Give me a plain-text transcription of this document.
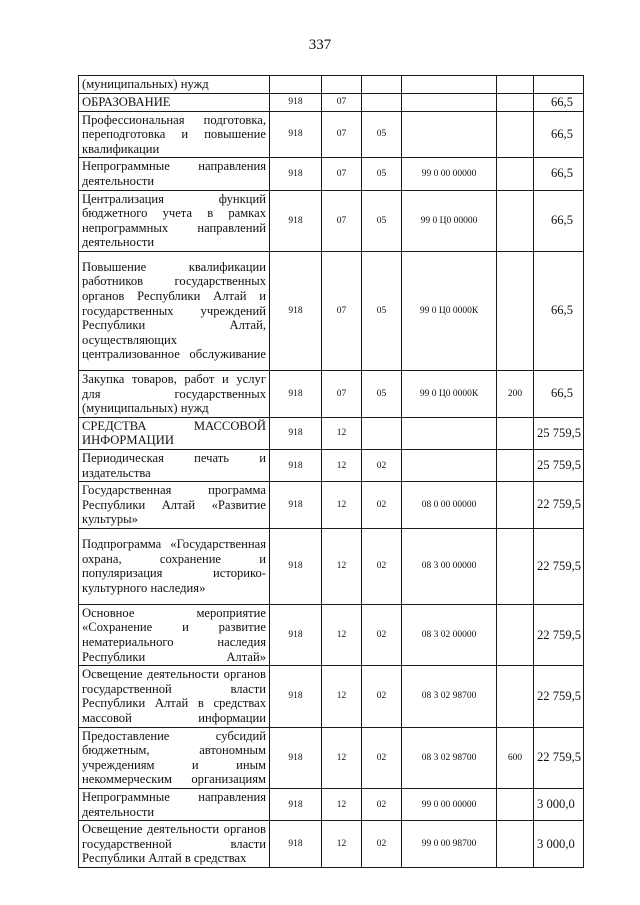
337
(муниципальных) нужд						
ОБРАЗОВАНИЕ	918	07				66,5
Профессиональная подготовка, переподготовка и повышение квалификации	918	07	05			66,5
Непрограммные направления деятельности	918	07	05	99 0 00 00000		66,5
Централизация функций бюджетного учета в рамках непрограммных направлений деятельности	918	07	05	99 0 Ц0 00000		66,5
Повышение квалификации работников государственных органов Республики Алтай и государственных учреждений Республики Алтай, осуществляющих централизованное обслуживание	918	07	05	99 0 Ц0 0000К		66,5
Закупка товаров, работ и услуг для государственных (муниципальных) нужд	918	07	05	99 0 Ц0 0000К	200	66,5
СРЕДСТВА МАССОВОЙ ИНФОРМАЦИИ	918	12				25 759,5
Периодическая печать и издательства	918	12	02			25 759,5
Государственная программа Республики Алтай «Развитие культуры»	918	12	02	08 0 00 00000		22 759,5
Подпрограмма «Государственная охрана, сохранение и популяризация историко-культурного наследия»	918	12	02	08 3 00 00000		22 759,5
Основное мероприятие «Сохранение и развитие нематериального наследия Республики Алтай»	918	12	02	08 3 02 00000		22 759,5
Освещение деятельности органов государственной власти Республики Алтай в средствах массовой информации	918	12	02	08 3 02 98700		22 759,5
Предоставление субсидий бюджетным, автономным учреждениям и иным некоммерческим организациям	918	12	02	08 3 02 98700	600	22 759,5
Непрограммные направления деятельности	918	12	02	99 0 00 00000		3 000,0
Освещение деятельности органов государственной власти Республики Алтай в средствах	918	12	02	99 0 00 98700		3 000,0
